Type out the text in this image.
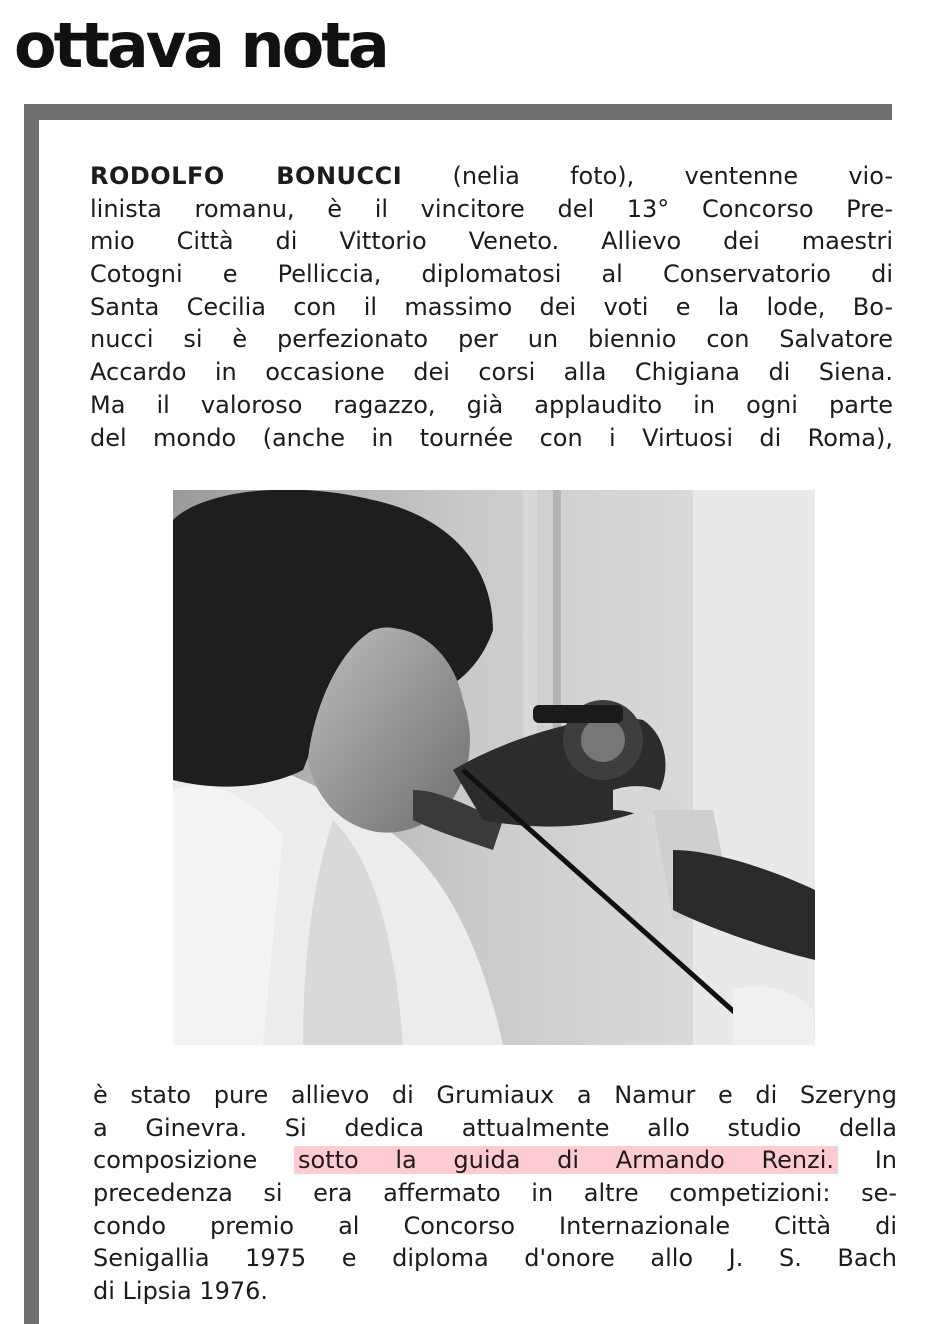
ottava nota
RODOLFO BONUCCI (nelia foto), ventenne vio-
linista romanu, è il vincitore del 13° Concorso Pre-
mio Città di Vittorio Veneto. Allievo dei maestri
Cotogni e Pelliccia, diplomatosi al Conservatorio di
Santa Cecilia con il massimo dei voti e la lode, Bo-
nucci si è perfezionato per un biennio con Salvatore
Accardo in occasione dei corsi alla Chigiana di Siena.
Ma il valoroso ragazzo, già applaudito in ogni parte
del mondo (anche in tournée con i Virtuosi di Roma),
è stato pure allievo di Grumiaux a Namur e di Szeryng
a Ginevra. Si dedica attualmente allo studio della
composizione sotto la guida di Armando Renzi. In
precedenza si era affermato in altre competizioni: se-
condo premio al Concorso Internazionale Città di
Senigallia 1975 e diploma d'onore allo J. S. Bach
di Lipsia 1976.
